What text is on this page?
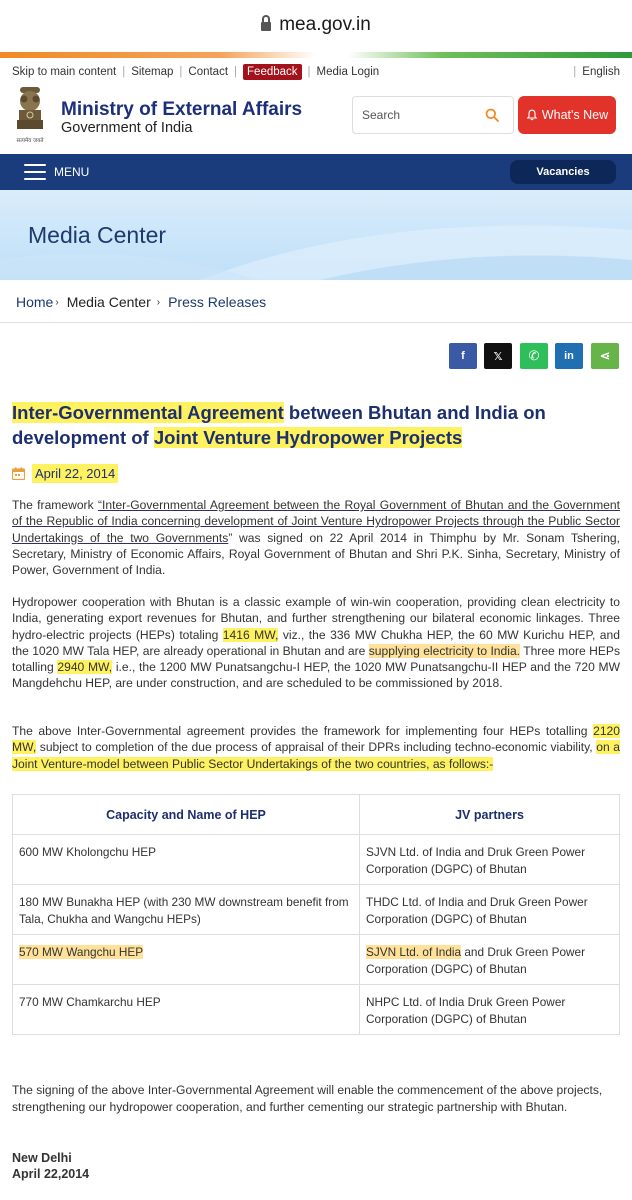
mea.gov.in
Skip to main content | Sitemap | Contact | Feedback | Media Login	| English
सत्यमेव जयते
Ministry of External Affairs
Government of India
Search	What's New
MENU	Vacancies
Media Center
Home › Media Center › Press Releases
f	𝕏 ✆ in ⋖
Inter-Governmental Agreement between Bhutan and India on development of Joint Venture Hydropower Projects
April 22, 2014
The framework “Inter-Governmental Agreement between the Royal Government of Bhutan and the Government of the Republic of India concerning development of Joint Venture Hydropower Projects through the Public Sector Undertakings of the two Governments” was signed on 22 April 2014 in Thimphu by Mr. Sonam Tshering, Secretary, Ministry of Economic Affairs, Royal Government of Bhutan and Shri P.K. Sinha, Secretary, Ministry of Power, Government of India.
Hydropower cooperation with Bhutan is a classic example of win-win cooperation, providing clean electricity to India, generating export revenues for Bhutan, and further strengthening our bilateral economic linkages. Three hydro-electric projects (HEPs) totaling 1416 MW, viz., the 336 MW Chukha HEP, the 60 MW Kurichu HEP, and the 1020 MW Tala HEP, are already operational in Bhutan and are supplying electricity to India. Three more HEPs totalling 2940 MW, i.e., the 1200 MW Punatsangchu-I HEP, the 1020 MW Punatsangchu-II HEP and the 720 MW Mangdehchu HEP, are under construction, and are scheduled to be commissioned by 2018.
The above Inter-Governmental agreement provides the framework for implementing four HEPs totalling 2120 MW, subject to completion of the due process of appraisal of their DPRs including techno-economic viability, on a Joint Venture-model between Public Sector Undertakings of the two countries, as follows:-
Capacity and Name of HEP	JV partners
600 MW Kholongchu HEP	SJVN Ltd. of India and Druk Green Power Corporation (DGPC) of Bhutan
180 MW Bunakha HEP (with 230 MW downstream benefit from Tala, Chukha and Wangchu HEPs)	THDC Ltd. of India and Druk Green Power Corporation (DGPC) of Bhutan
570 MW Wangchu HEP	SJVN Ltd. of India and Druk Green Power Corporation (DGPC) of Bhutan
770 MW Chamkarchu HEP	NHPC Ltd. of India Druk Green Power Corporation (DGPC) of Bhutan
The signing of the above Inter-Governmental Agreement will enable the commencement of the above projects, strengthening our hydropower cooperation, and further cementing our strategic partnership with Bhutan.
New Delhi
April 22,2014
